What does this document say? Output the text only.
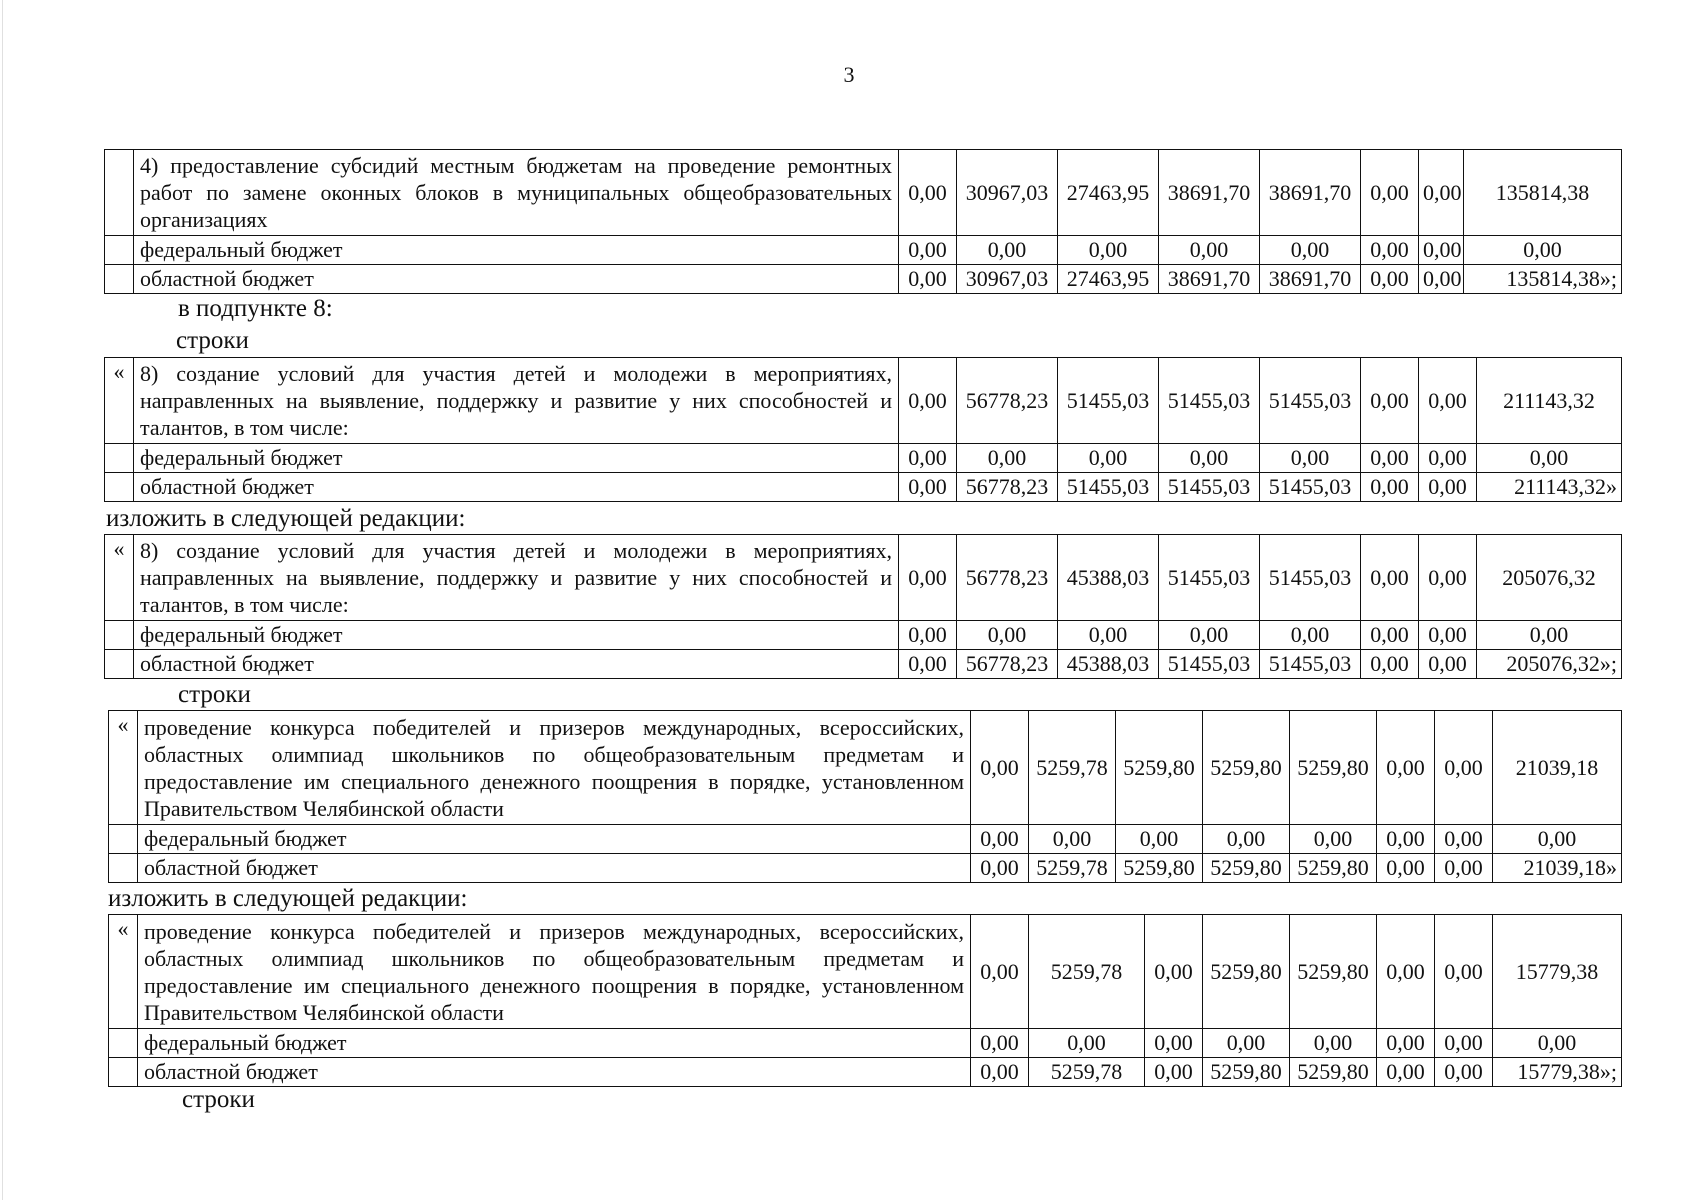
3
	4) предоставление субсидий местным бюджетам на проведение ремонтных работ по замене оконных блоков в муниципальных общеобразовательных организациях	0,00	30967,03	27463,95	38691,70	38691,70	0,00	0,00	135814,38
	федеральный бюджет	0,00	0,00	0,00	0,00	0,00	0,00	0,00	0,00
	областной бюджет	0,00	30967,03	27463,95	38691,70	38691,70	0,00	0,00	135814,38»;
в подпункте 8:
строки
«	8) создание условий для участия детей и молодежи в мероприятиях, направленных на выявление, поддержку и развитие у них способностей и талантов, в том числе:	0,00	56778,23	51455,03	51455,03	51455,03	0,00	0,00	211143,32
	федеральный бюджет	0,00	0,00	0,00	0,00	0,00	0,00	0,00	0,00
	областной бюджет	0,00	56778,23	51455,03	51455,03	51455,03	0,00	0,00	211143,32»
изложить в следующей редакции:
«	8) создание условий для участия детей и молодежи в мероприятиях, направленных на выявление, поддержку и развитие у них способностей и талантов, в том числе:	0,00	56778,23	45388,03	51455,03	51455,03	0,00	0,00	205076,32
	федеральный бюджет	0,00	0,00	0,00	0,00	0,00	0,00	0,00	0,00
	областной бюджет	0,00	56778,23	45388,03	51455,03	51455,03	0,00	0,00	205076,32»;
строки
«	проведение конкурса победителей и призеров международных, всероссийских, областных олимпиад школьников по общеобразовательным предметам и предоставление им специального денежного поощрения в порядке, установленном Правительством Челябинской области	0,00	5259,78	5259,80	5259,80	5259,80	0,00	0,00	21039,18
	федеральный бюджет	0,00	0,00	0,00	0,00	0,00	0,00	0,00	0,00
	областной бюджет	0,00	5259,78	5259,80	5259,80	5259,80	0,00	0,00	21039,18»
изложить в следующей редакции:
«	проведение конкурса победителей и призеров международных, всероссийских, областных олимпиад школьников по общеобразовательным предметам и предоставление им специального денежного поощрения в порядке, установленном Правительством Челябинской области	0,00	5259,78	0,00	5259,80	5259,80	0,00	0,00	15779,38
	федеральный бюджет	0,00	0,00	0,00	0,00	0,00	0,00	0,00	0,00
	областной бюджет	0,00	5259,78	0,00	5259,80	5259,80	0,00	0,00	15779,38»;
строки
